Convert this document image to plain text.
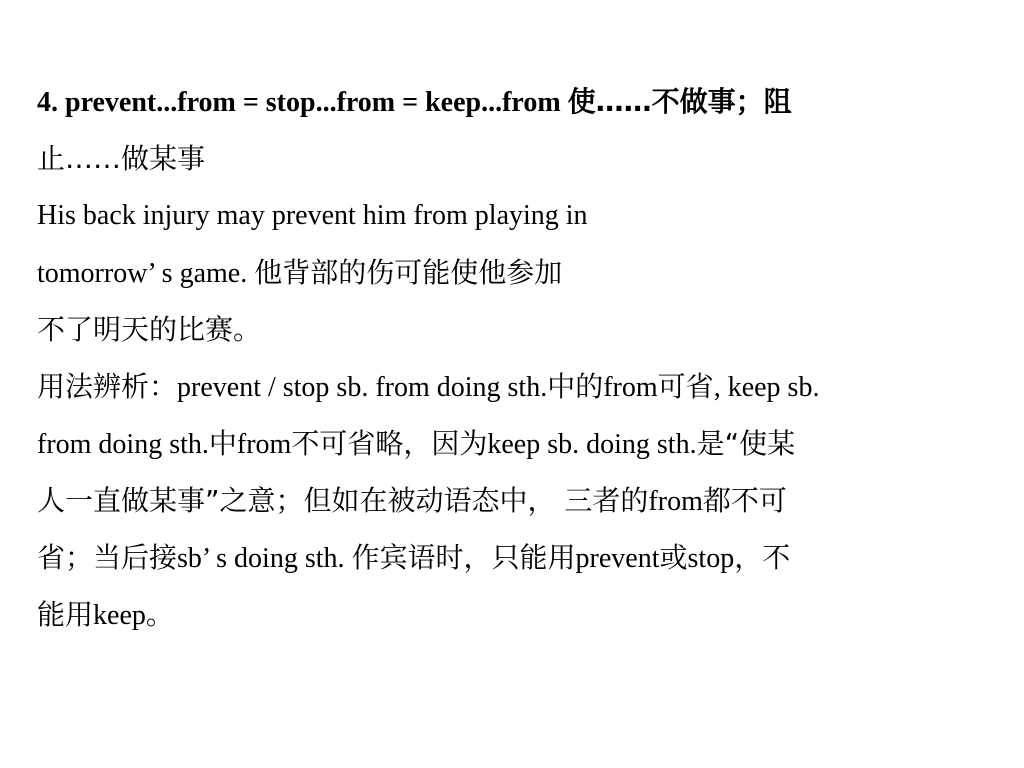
4. prevent...from = stop...from = keep...from 使……不做事；阻
止……做某事
His back injury may prevent him from playing in
tomorrow’ s game. 他背部的伤可能使他参加
不了明天的比赛。
用法辨析：prevent / stop sb. from doing sth.中的from可省, keep sb.
from doing sth.中from不可省略，因为keep sb. doing sth.是“使某
人一直做某事”之意；但如在被动语态中， 三者的from都不可
省；当后接sb’ s doing sth. 作宾语时，只能用prevent或stop，不
能用keep。
